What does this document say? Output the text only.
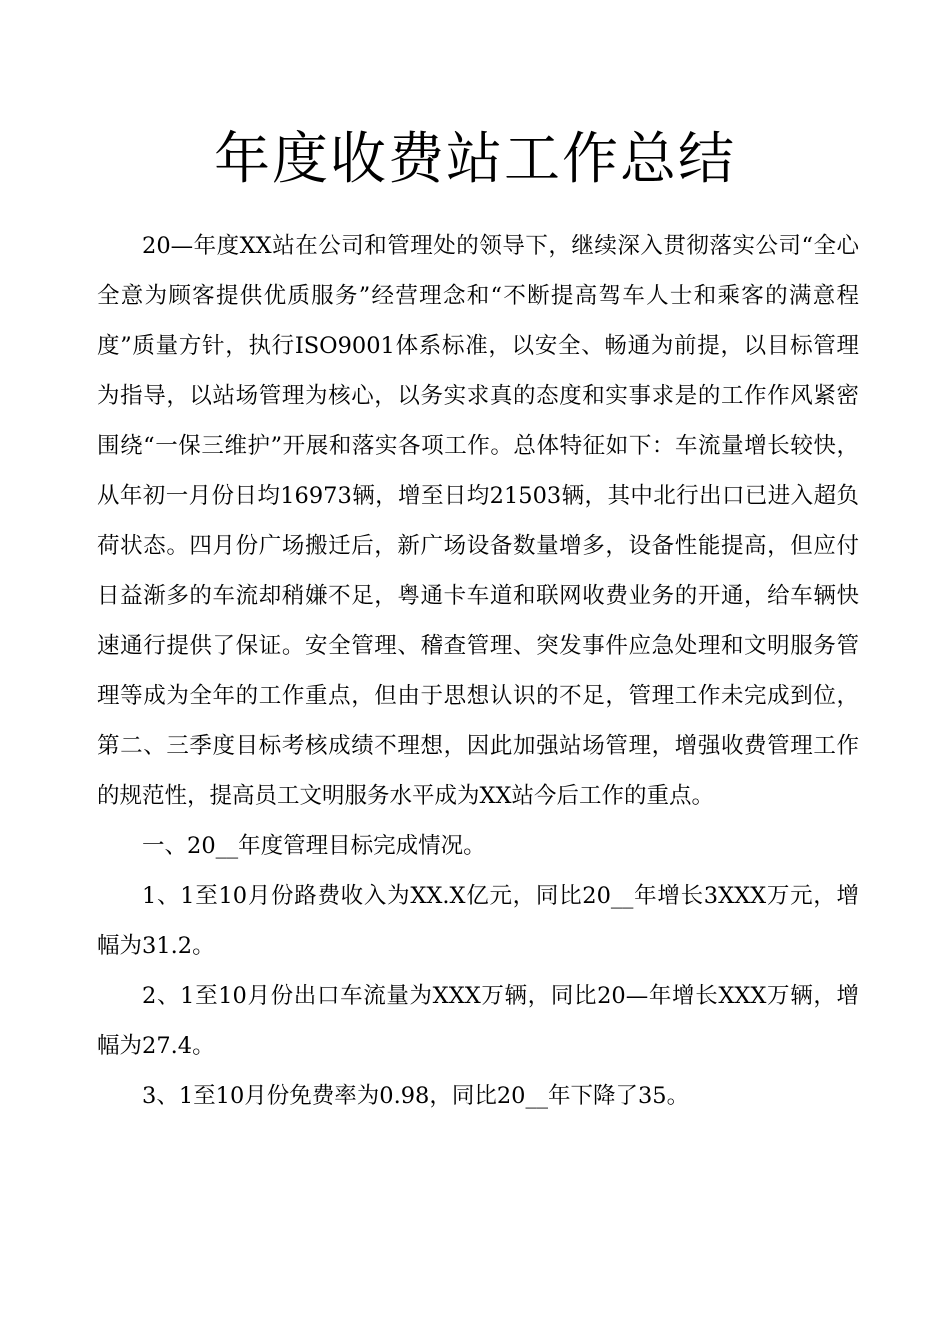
年度收费站工作总结

20—年度XX站在公司和管理处的领导下，继续深入贯彻落实公司“全心全意为顾客提供优质服务”经营理念和“不断提高驾车人士和乘客的满意程度”质量方针，执行ISO9001体系标准，以安全、畅通为前提，以目标管理为指导，以站场管理为核心，以务实求真的态度和实事求是的工作作风紧密围绕“一保三维护”开展和落实各项工作。总体特征如下：车流量增长较快，从年初一月份日均16973辆，增至日均21503辆，其中北行出口已进入超负荷状态。四月份广场搬迁后，新广场设备数量增多，设备性能提高，但应付日益渐多的车流却稍嫌不足，粤通卡车道和联网收费业务的开通，给车辆快速通行提供了保证。安全管理、稽查管理、突发事件应急处理和文明服务管理等成为全年的工作重点，但由于思想认识的不足，管理工作未完成到位，第二、三季度目标考核成绩不理想，因此加强站场管理，增强收费管理工作的规范性，提高员工文明服务水平成为XX站今后工作的重点。

一、20__年度管理目标完成情况。

1、1至10月份路费收入为XX.X亿元，同比20__年增长3XXX万元，增幅为31.2。

2、1至10月份出口车流量为XXX万辆，同比20—年增长XXX万辆，增幅为27.4。

3、1至10月份免费率为0.98，同比20__年下降了35。
